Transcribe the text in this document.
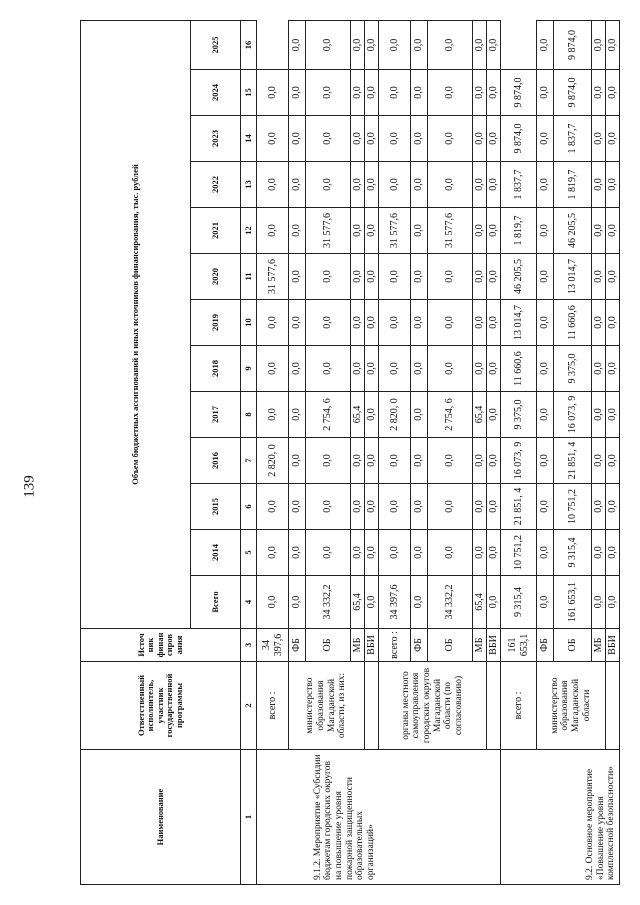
139
Наименование	Ответственный исполнитель, участник государственной программы	Источ ник финан сиров ания	Объем бюджетных ассигнований и иных источников финансирования, тыс. рублей												
			Всего	2014	2015	2016	2017	2018	2019	2020	2021	2022	2023	2024	2025
1	2	3	4	5	6	7	8	9	10	11	12	13	14	15	16
9.1.2. Мероприятие «Субсидии бюджетам городских округов на повышение уровня пожарной защищенности образовательных организаций»	всего :	34 397,6	0,0	0,0	0,0	2 820, 0	0,0	0,0	0,0	31 577,6	0,0	0,0	0,0	0,0	
	министерство образования Магаданской области, из них:	ФБ	0,0	0,0	0,0	0,0	0,0	0,0	0,0	0,0	0,0	0,0	0,0	0,0	0,0
		ОБ	34 332,2	0,0	0,0	0,0	2 754, 6	0,0	0,0	0,0	31 577,6	0,0	0,0	0,0	0,0
		МБ	65,4	0,0	0,0	0,0	65,4	0,0	0,0	0,0	0,0	0,0	0,0	0,0	0,0
		ВБИ	0,0	0,0	0,0	0,0	0,0	0,0	0,0	0,0	0,0	0,0	0,0	0,0	0,0
	органы местного самоуправления городских округов Магаданской области (по согласованию)	всего :	34 397,6	0,0	0,0	0,0	2 820, 0	0,0	0,0	0,0	31 577,6	0,0	0,0	0,0	0,0
		ФБ	0,0	0,0	0,0	0,0	0,0	0,0	0,0	0,0	0,0	0,0	0,0	0,0	0,0
		ОБ	34 332,2	0,0	0,0	0,0	2 754, 6	0,0	0,0	0,0	31 577,6	0,0	0,0	0,0	0,0
		МБ	65,4	0,0	0,0	0,0	65,4	0,0	0,0	0,0	0,0	0,0	0,0	0,0	0,0
		ВБИ	0,0	0,0	0,0	0,0	0,0	0,0	0,0	0,0	0,0	0,0	0,0	0,0	0,0
9.2. Основное мероприятие «Повышение уровня комплексной безопасности»	всего :	161 653,1	9 315,4	10 751,2	21 851, 4	16 073, 9	9 375,0	11 660,6	13 014,7	46 205,5	1 819,7	1 837,7	9 874,0	9 874,0	
	министерство образования Магаданской области	ФБ	0,0	0,0	0,0	0,0	0,0	0,0	0,0	0,0	0,0	0,0	0,0	0,0	0,0
		ОБ	161 653,1	9 315,4	10 751,2	21 851, 4	16 073, 9	9 375,0	11 660,6	13 014,7	46 205,5	1 819,7	1 837,7	9 874,0	9 874,0
		МБ	0,0	0,0	0,0	0,0	0,0	0,0	0,0	0,0	0,0	0,0	0,0	0,0	0,0
		ВБИ	0,0	0,0	0,0	0,0	0,0	0,0	0,0	0,0	0,0	0,0	0,0	0,0	0,0
